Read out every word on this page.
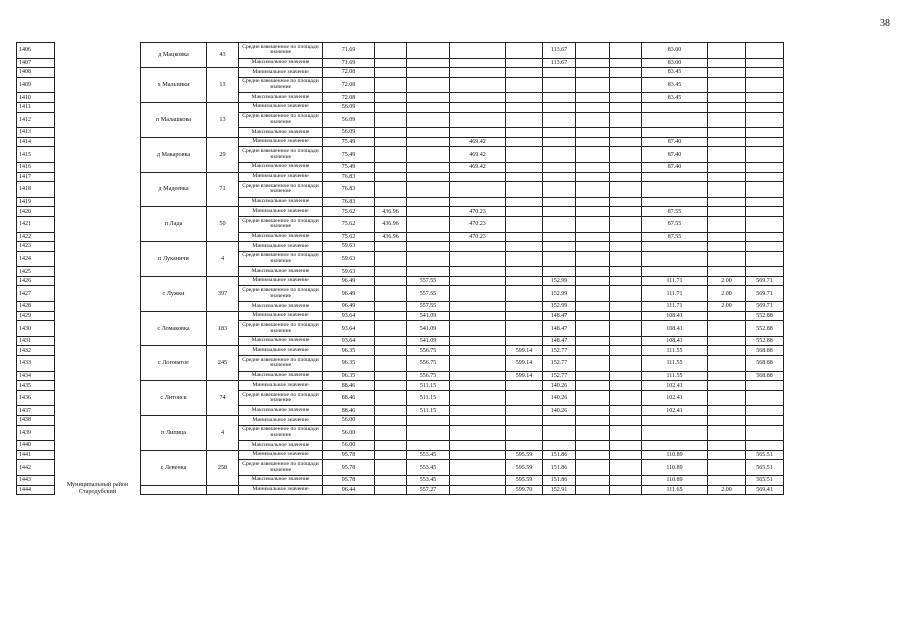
38
1406		д Мацковка	43	Средне взвешенное по площади значение	71.69					113.67			83.00		
1407				Максимальное значение	71.69					113.67			83.00		
1408		х Мальники	13	Минимальное значение	72.08								83.45		
1409				Средне взвешенное по площади значение	72.08								83.45		
1410				Максимальное значение	72.08								83.45		
1411		п Малашкова	13	Минимальное значение	56.09										
1412				Средне взвешенное по площади значение	56.09										
1413				Максимальное значение	56.09										
1414		д Макаровка	29	Минимальное значение	75.49			469.42					87.40		
1415				Средне взвешенное по площади значение	75.49			469.42					87.40		
1416				Максимальное значение	75.49			469.42					87.40		
1417		д Мадеевка	71	Минимальное значение	76.83										
1418				Средне взвешенное по площади значение	76.83										
1419				Максимальное значение	76.83										
1420		п Лада	50	Минимальное значение	75.62	436.96		470.23					87.55		
1421				Средне взвешенное по площади значение	75.62	436.96		470.23					87.55		
1422				Максимальное значение	75.62	436.96		470.23					87.55		
1423		п Луканичи	4	Минимальное значение	59.63										
1424				Средне взвешенное по площади значение	59.63										
1425				Максимальное значение	59.63										
1426		с Лужки	397	Минимальное значение	96.49		557.55			152.99			111.71	2.00	569.71
1427				Средне взвешенное по площади значение	96.49		557.55			152.99			111.71	2.00	569.71
1428				Максимальное значение	96.49		557.55			152.99			111.71	2.00	569.71
1429		с Ломаковка	183	Минимальное значение	93.64		541.09			148.47			108.41		552.88
1430				Средне взвешенное по площади значение	93.64		541.09			148.47			108.41		552.88
1431				Максимальное значение	93.64		541.09			148.47			108.41		552.88
1432		с Логоватое	245	Минимальное значение	96.35		556.75		599.14	152.77			111.55		568.88
1433				Средне взвешенное по площади значение	96.35		556.75		599.14	152.77			111.55		568.88
1434				Максимальное значение	96.35		556.75		599.14	152.77			111.55		568.88
1435		с Литовск	74	Минимальное значение	88.46		511.15			140.26			102.41		
1436				Средне взвешенное по площади значение	88.46		511.15			140.26			102.41		
1437				Максимальное значение	88.46		511.15			140.26			102.41		
1438		п Липица	4	Минимальное значение	56.00										
1439				Средне взвешенное по площади значение	56.00										
1440				Максимальное значение	56.00										
1441		с Левенка	258	Минимальное значение	95.78		553.45		595.59	151.86			110.89		565.51
1442				Средне взвешенное по площади значение	95.78		553.45		595.59	151.86			110.89		565.51
1443	Муниципальный район Стародубский			Максимальное значение	95.78		553.45		595.59	151.86			110.89		565.51
1444				Минимальное значение	96.44		557.27		599.70	152.91			111.65	2.00	569.41
